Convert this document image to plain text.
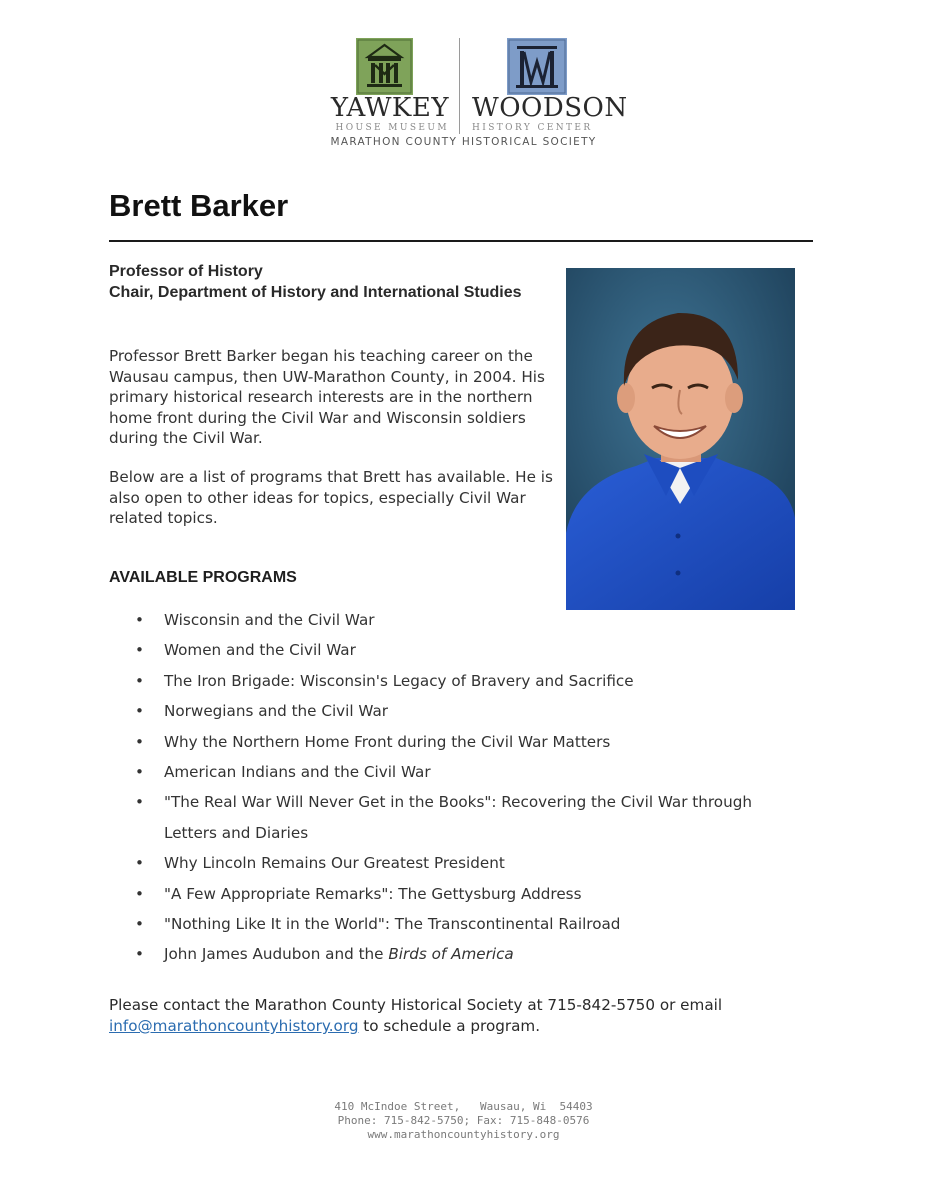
YAWKEY WOODSON
HOUSE MUSEUM	HISTORY CENTER
MARATHON COUNTY HISTORICAL SOCIETY
Brett Barker
Professor of History
Chair, Department of History and International Studies
Professor Brett Barker began his teaching career on the Wausau campus, then UW-Marathon County, in 2004. His primary historical research interests are in the northern home front during the Civil War and Wisconsin soldiers during the Civil War.
Below are a list of programs that Brett has available. He is also open to other ideas for topics, especially Civil War related topics.
AVAILABLE PROGRAMS
• Wisconsin and the Civil War
• Women and the Civil War
• The Iron Brigade: Wisconsin's Legacy of Bravery and Sacrifice
• Norwegians and the Civil War
• Why the Northern Home Front during the Civil War Matters
• American Indians and the Civil War
• "The Real War Will Never Get in the Books": Recovering the Civil War through Letters and Diaries
• Why Lincoln Remains Our Greatest President
• "A Few Appropriate Remarks": The Gettysburg Address
• "Nothing Like It in the World": The Transcontinental Railroad
• John James Audubon and the Birds of America
Please contact the Marathon County Historical Society at 715-842-5750 or email info@marathoncountyhistory.org to schedule a program.
410 McIndoe Street,   Wausau, Wi  54403
Phone: 715-842-5750; Fax: 715-848-0576
www.marathoncountyhistory.org
